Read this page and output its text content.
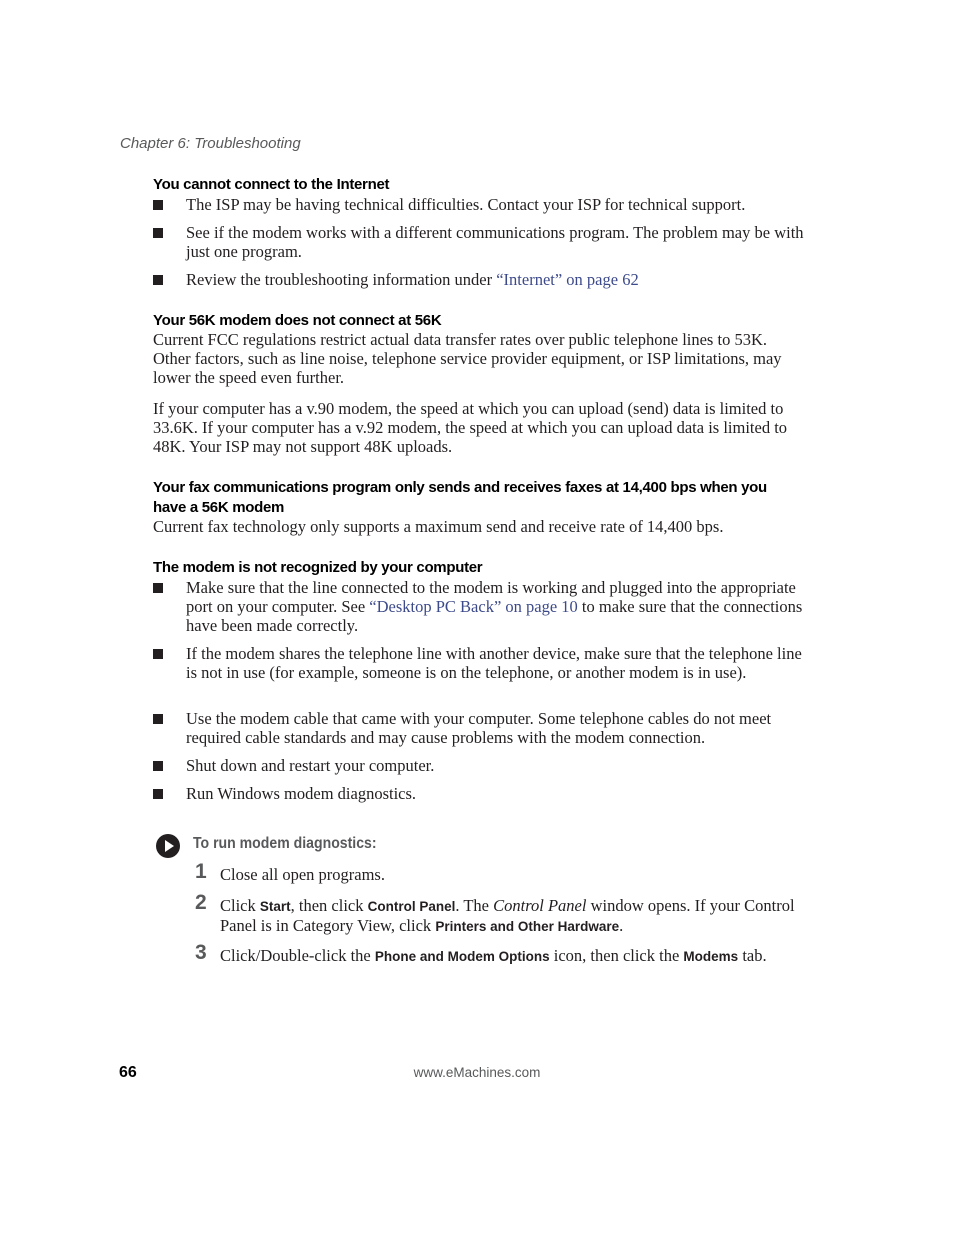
Chapter 6: Troubleshooting
You cannot connect to the Internet
The ISP may be having technical difficulties. Contact your ISP for technical support.
See if the modem works with a different communications program. The problem may be with just one program.
Review the troubleshooting information under “Internet” on page 62
Your 56K modem does not connect at 56K
Current FCC regulations restrict actual data transfer rates over public telephone lines to 53K. Other factors, such as line noise, telephone service provider equipment, or ISP limitations, may lower the speed even further.
If your computer has a v.90 modem, the speed at which you can upload (send) data is limited to 33.6K. If your computer has a v.92 modem, the speed at which you can upload data is limited to 48K. Your ISP may not support 48K uploads.
Your fax communications program only sends and receives faxes at 14,400 bps when you have a 56K modem
Current fax technology only supports a maximum send and receive rate of 14,400 bps.
The modem is not recognized by your computer
Make sure that the line connected to the modem is working and plugged into the appropriate port on your computer. See “Desktop PC Back” on page 10 to make sure that the connections have been made correctly.
If the modem shares the telephone line with another device, make sure that the telephone line is not in use (for example, someone is on the telephone, or another modem is in use).
Use the modem cable that came with your computer. Some telephone cables do not meet required cable standards and may cause problems with the modem connection.
Shut down and restart your computer.
Run Windows modem diagnostics.
To run modem diagnostics:
1 Close all open programs.
2 Click Start, then click Control Panel. The Control Panel window opens. If your Control Panel is in Category View, click Printers and Other Hardware.
3 Click/Double-click the Phone and Modem Options icon, then click the Modems tab.
66	www.eMachines.com
